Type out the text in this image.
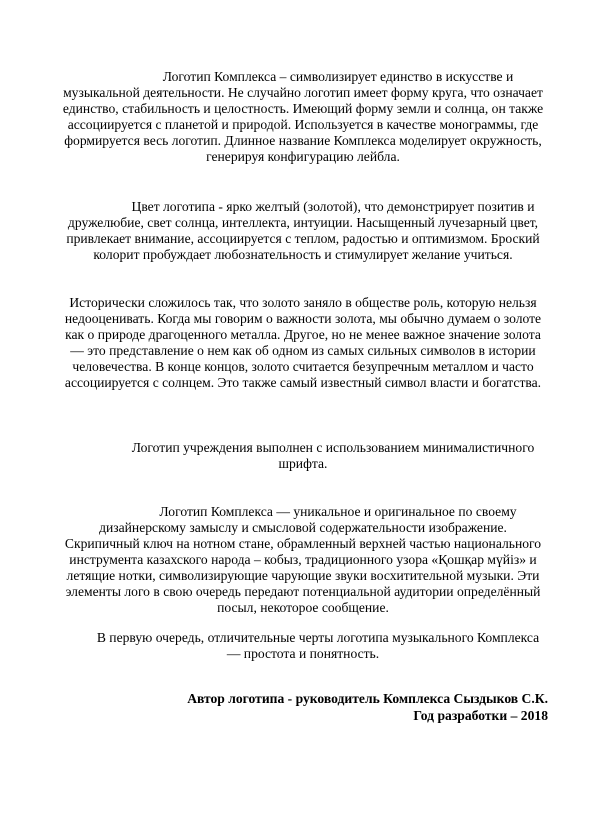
Логотип Комплекса – символизирует единство в искусстве и музыкальной деятельности. Не случайно логотип имеет форму круга, что означает единство, стабильность и целостность. Имеющий форму земли и солнца, он также ассоциируется с планетой и природой. Используется в качестве монограммы, где формируется весь логотип. Длинное название Комплекса моделирует окружность, генерируя конфигурацию лейбла.

Цвет логотипа - ярко желтый (золотой), что демонстрирует позитив и дружелюбие, свет солнца, интеллекта, интуиции. Насыщенный лучезарный цвет, привлекает внимание, ассоциируется с теплом, радостью и оптимизмом. Броский колорит пробуждает любознательность и стимулирует желание учиться.

Исторически сложилось так, что золото заняло в обществе роль, которую нельзя недооценивать. Когда мы говорим о важности золота, мы обычно думаем о золоте как о природе драгоценного металла. Другое, но не менее важное значение золота — это представление о нем как об одном из самых сильных символов в истории человечества. В конце концов, золото считается безупречным металлом и часто ассоциируется с солнцем. Это также самый известный символ власти и богатства.

Логотип учреждения выполнен с использованием минималистичного шрифта.

Логотип Комплекса — уникальное и оригинальное по своему дизайнерскому замыслу и смысловой содержательности изображение. Скрипичный ключ на нотном стане, обрамленный верхней частью национального инструмента казахского народа – кобыз, традиционного узора «Қошқар мүйіз» и летящие нотки, символизирующие чарующие звуки восхитительной музыки. Эти элементы лого в свою очередь передают потенциальной аудитории определённый посыл, некоторое сообщение.

В первую очередь, отличительные черты логотипа музыкального Комплекса — простота и понятность.

Автор логотипа - руководитель Комплекса Сыздыков С.К.
Год разработки – 2018
